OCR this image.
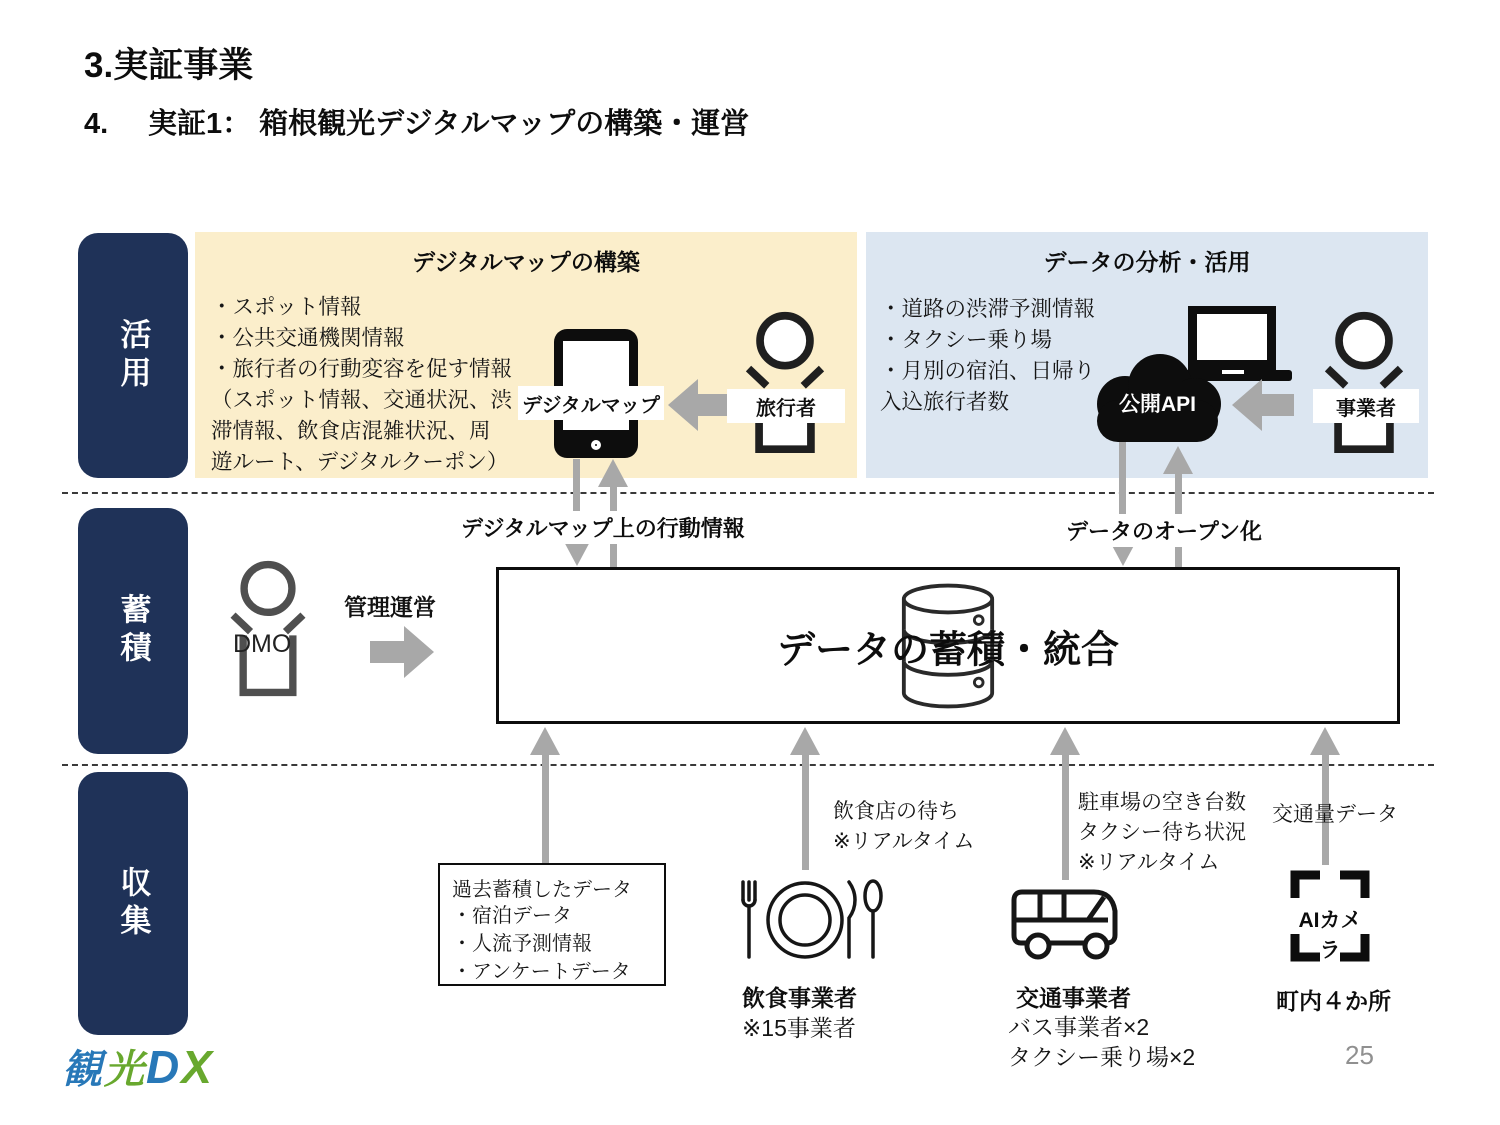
3.実証事業
4. 実証1： 箱根観光デジタルマップの構築・運営
活用
蓄積
収集
デジタルマップの構築
・スポット情報
・公共交通機関情報
・旅行者の行動変容を促す情報
（スポット情報、交通状況、渋
滞情報、飲食店混雑状況、周
遊ルート、デジタルクーポン）
データの分析・活用
・道路の渋滞予測情報
・タクシー乗り場
・月別の宿泊、日帰り
入込旅行者数
デジタルマップ	旅行者	公開API	事業者
デジタルマップ上の行動情報	データのオープン化
DMO
管理運営
データの蓄積・統合
過去蓄積したデータ
・宿泊データ
・人流予測情報
・アンケートデータ
飲食店の待ち
※リアルタイム
飲食事業者
※15事業者
駐車場の空き台数
タクシー待ち状況
※リアルタイム
交通事業者
バス事業者×2
タクシー乗り場×2
交通量データ
AIカメラ
町内４か所
観光DX	25
